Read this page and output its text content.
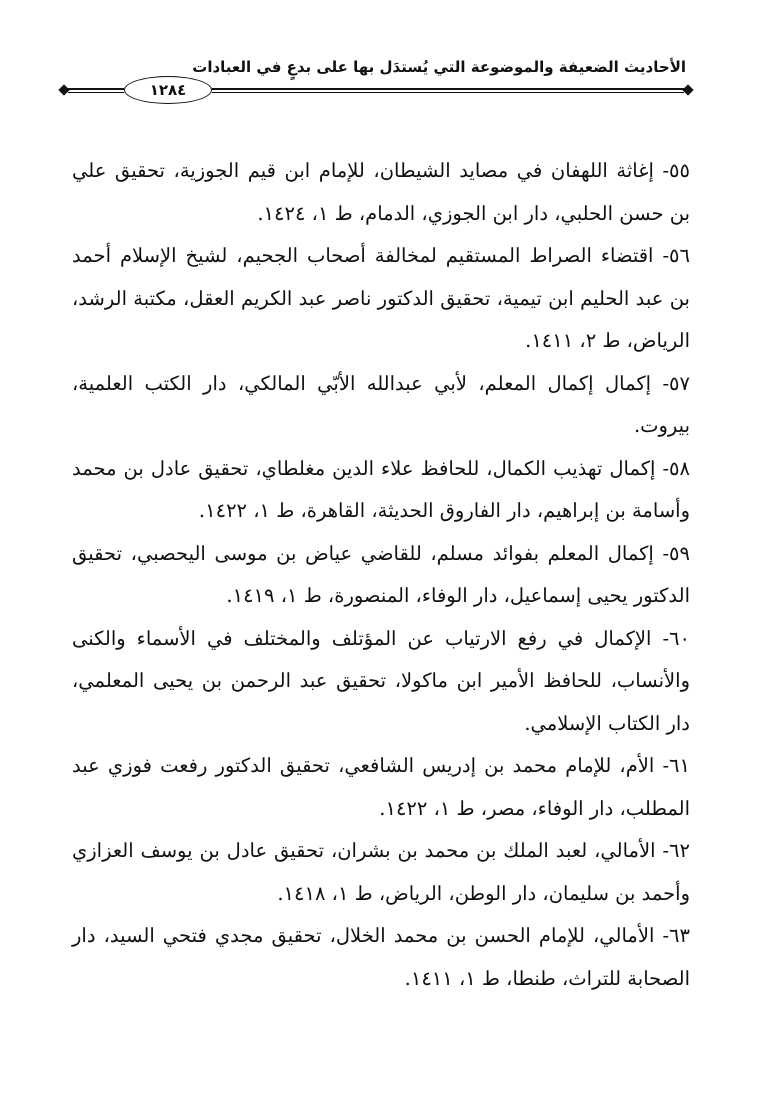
الأحاديث الضعيفة والموضوعة التي يُستدَل بها على بدعٍ في العبادات
١٢٨٤

٥٥- إغاثة اللهفان في مصايد الشيطان، للإمام ابن قيم الجوزية، تحقيق علي بن حسن الحلبي، دار ابن الجوزي، الدمام، ط ١، ١٤٢٤.

٥٦- اقتضاء الصراط المستقيم لمخالفة أصحاب الجحيم، لشيخ الإسلام أحمد بن عبد الحليم ابن تيمية، تحقيق الدكتور ناصر عبد الكريم العقل، مكتبة الرشد، الرياض، ط ٢، ١٤١١.

٥٧- إكمال إكمال المعلم، لأبي عبدالله الأبّي المالكي، دار الكتب العلمية، بيروت.

٥٨- إكمال تهذيب الكمال، للحافظ علاء الدين مغلطاي، تحقيق عادل بن محمد وأسامة بن إبراهيم، دار الفاروق الحديثة، القاهرة، ط ١، ١٤٢٢.

٥٩- إكمال المعلم بفوائد مسلم، للقاضي عياض بن موسى اليحصبي، تحقيق الدكتور يحيى إسماعيل، دار الوفاء، المنصورة، ط ١، ١٤١٩.

٦٠- الإكمال في رفع الارتياب عن المؤتلف والمختلف في الأسماء والكنى والأنساب، للحافظ الأمير ابن ماكولا، تحقيق عبد الرحمن بن يحيى المعلمي، دار الكتاب الإسلامي.

٦١- الأم، للإمام محمد بن إدريس الشافعي، تحقيق الدكتور رفعت فوزي عبد المطلب، دار الوفاء، مصر، ط ١، ١٤٢٢.

٦٢- الأمالي، لعبد الملك بن محمد بن بشران، تحقيق عادل بن يوسف العزازي وأحمد بن سليمان، دار الوطن، الرياض، ط ١، ١٤١٨.

٦٣- الأمالي، للإمام الحسن بن محمد الخلال، تحقيق مجدي فتحي السيد، دار الصحابة للتراث، طنطا، ط ١، ١٤١١.
